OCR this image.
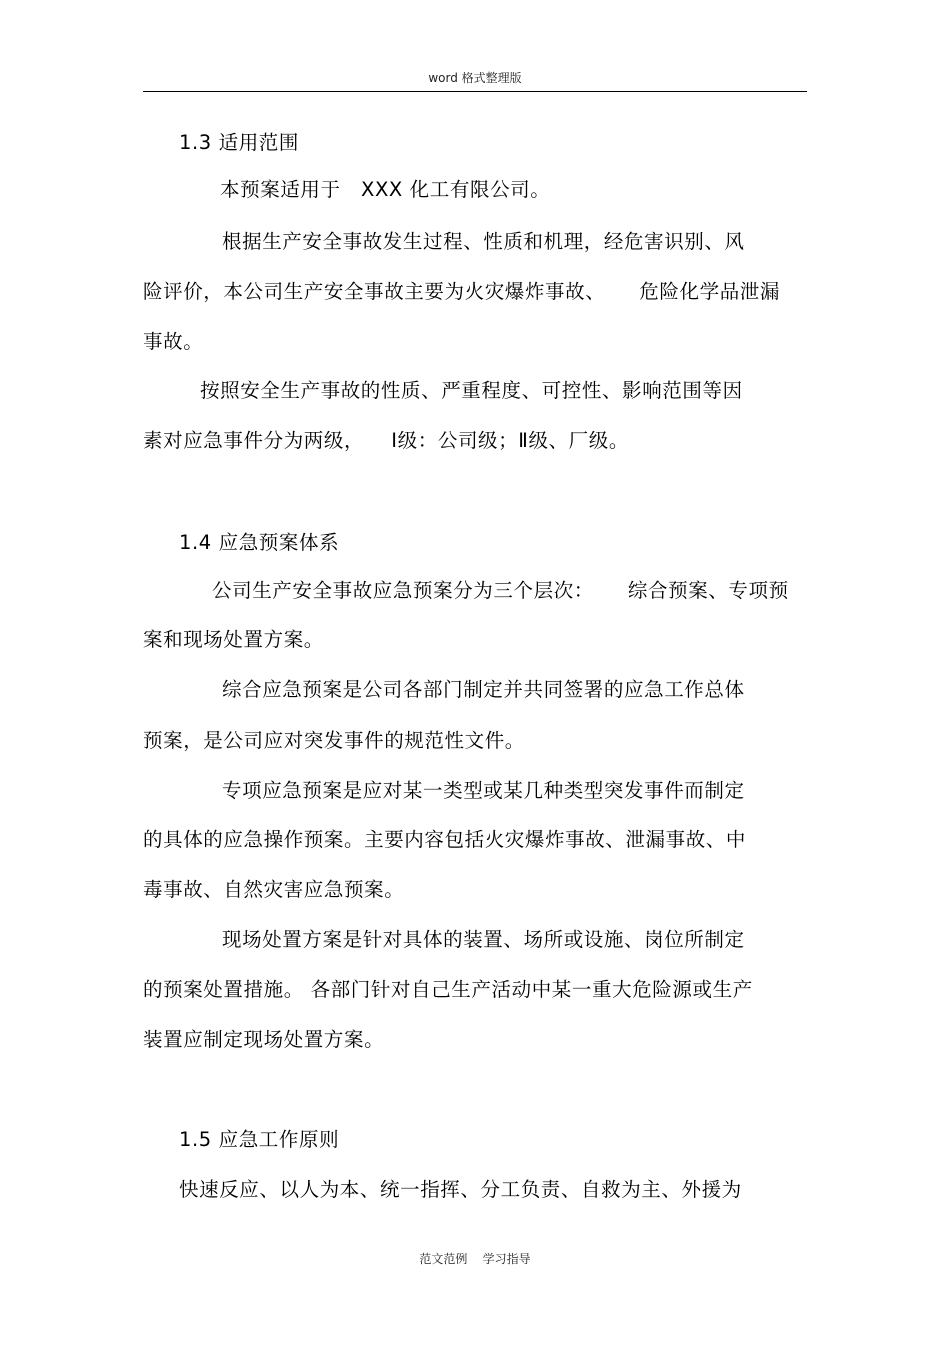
word 格式整理版
1.3 适用范围
本预案适用于   XXX 化工有限公司。
根据生产安全事故发生过程、性质和机理，经危害识别、风
险评价，本公司生产安全事故主要为火灾爆炸事故、     危险化学品泄漏
事故。
按照安全生产事故的性质、严重程度、可控性、影响范围等因
素对应急事件分为两级，    Ⅰ级：公司级；Ⅱ级、厂级。
1.4 应急预案体系
公司生产安全事故应急预案分为三个层次：     综合预案、专项预
案和现场处置方案。
综合应急预案是公司各部门制定并共同签署的应急工作总体
预案，是公司应对突发事件的规范性文件。
专项应急预案是应对某一类型或某几种类型突发事件而制定
的具体的应急操作预案。主要内容包括火灾爆炸事故、泄漏事故、中
毒事故、自然灾害应急预案。
现场处置方案是针对具体的装置、场所或设施、岗位所制定
的预案处置措施。 各部门针对自己生产活动中某一重大危险源或生产
装置应制定现场处置方案。
1.5 应急工作原则
快速反应、以人为本、统一指挥、分工负责、自救为主、外援为
范文范例    学习指导
